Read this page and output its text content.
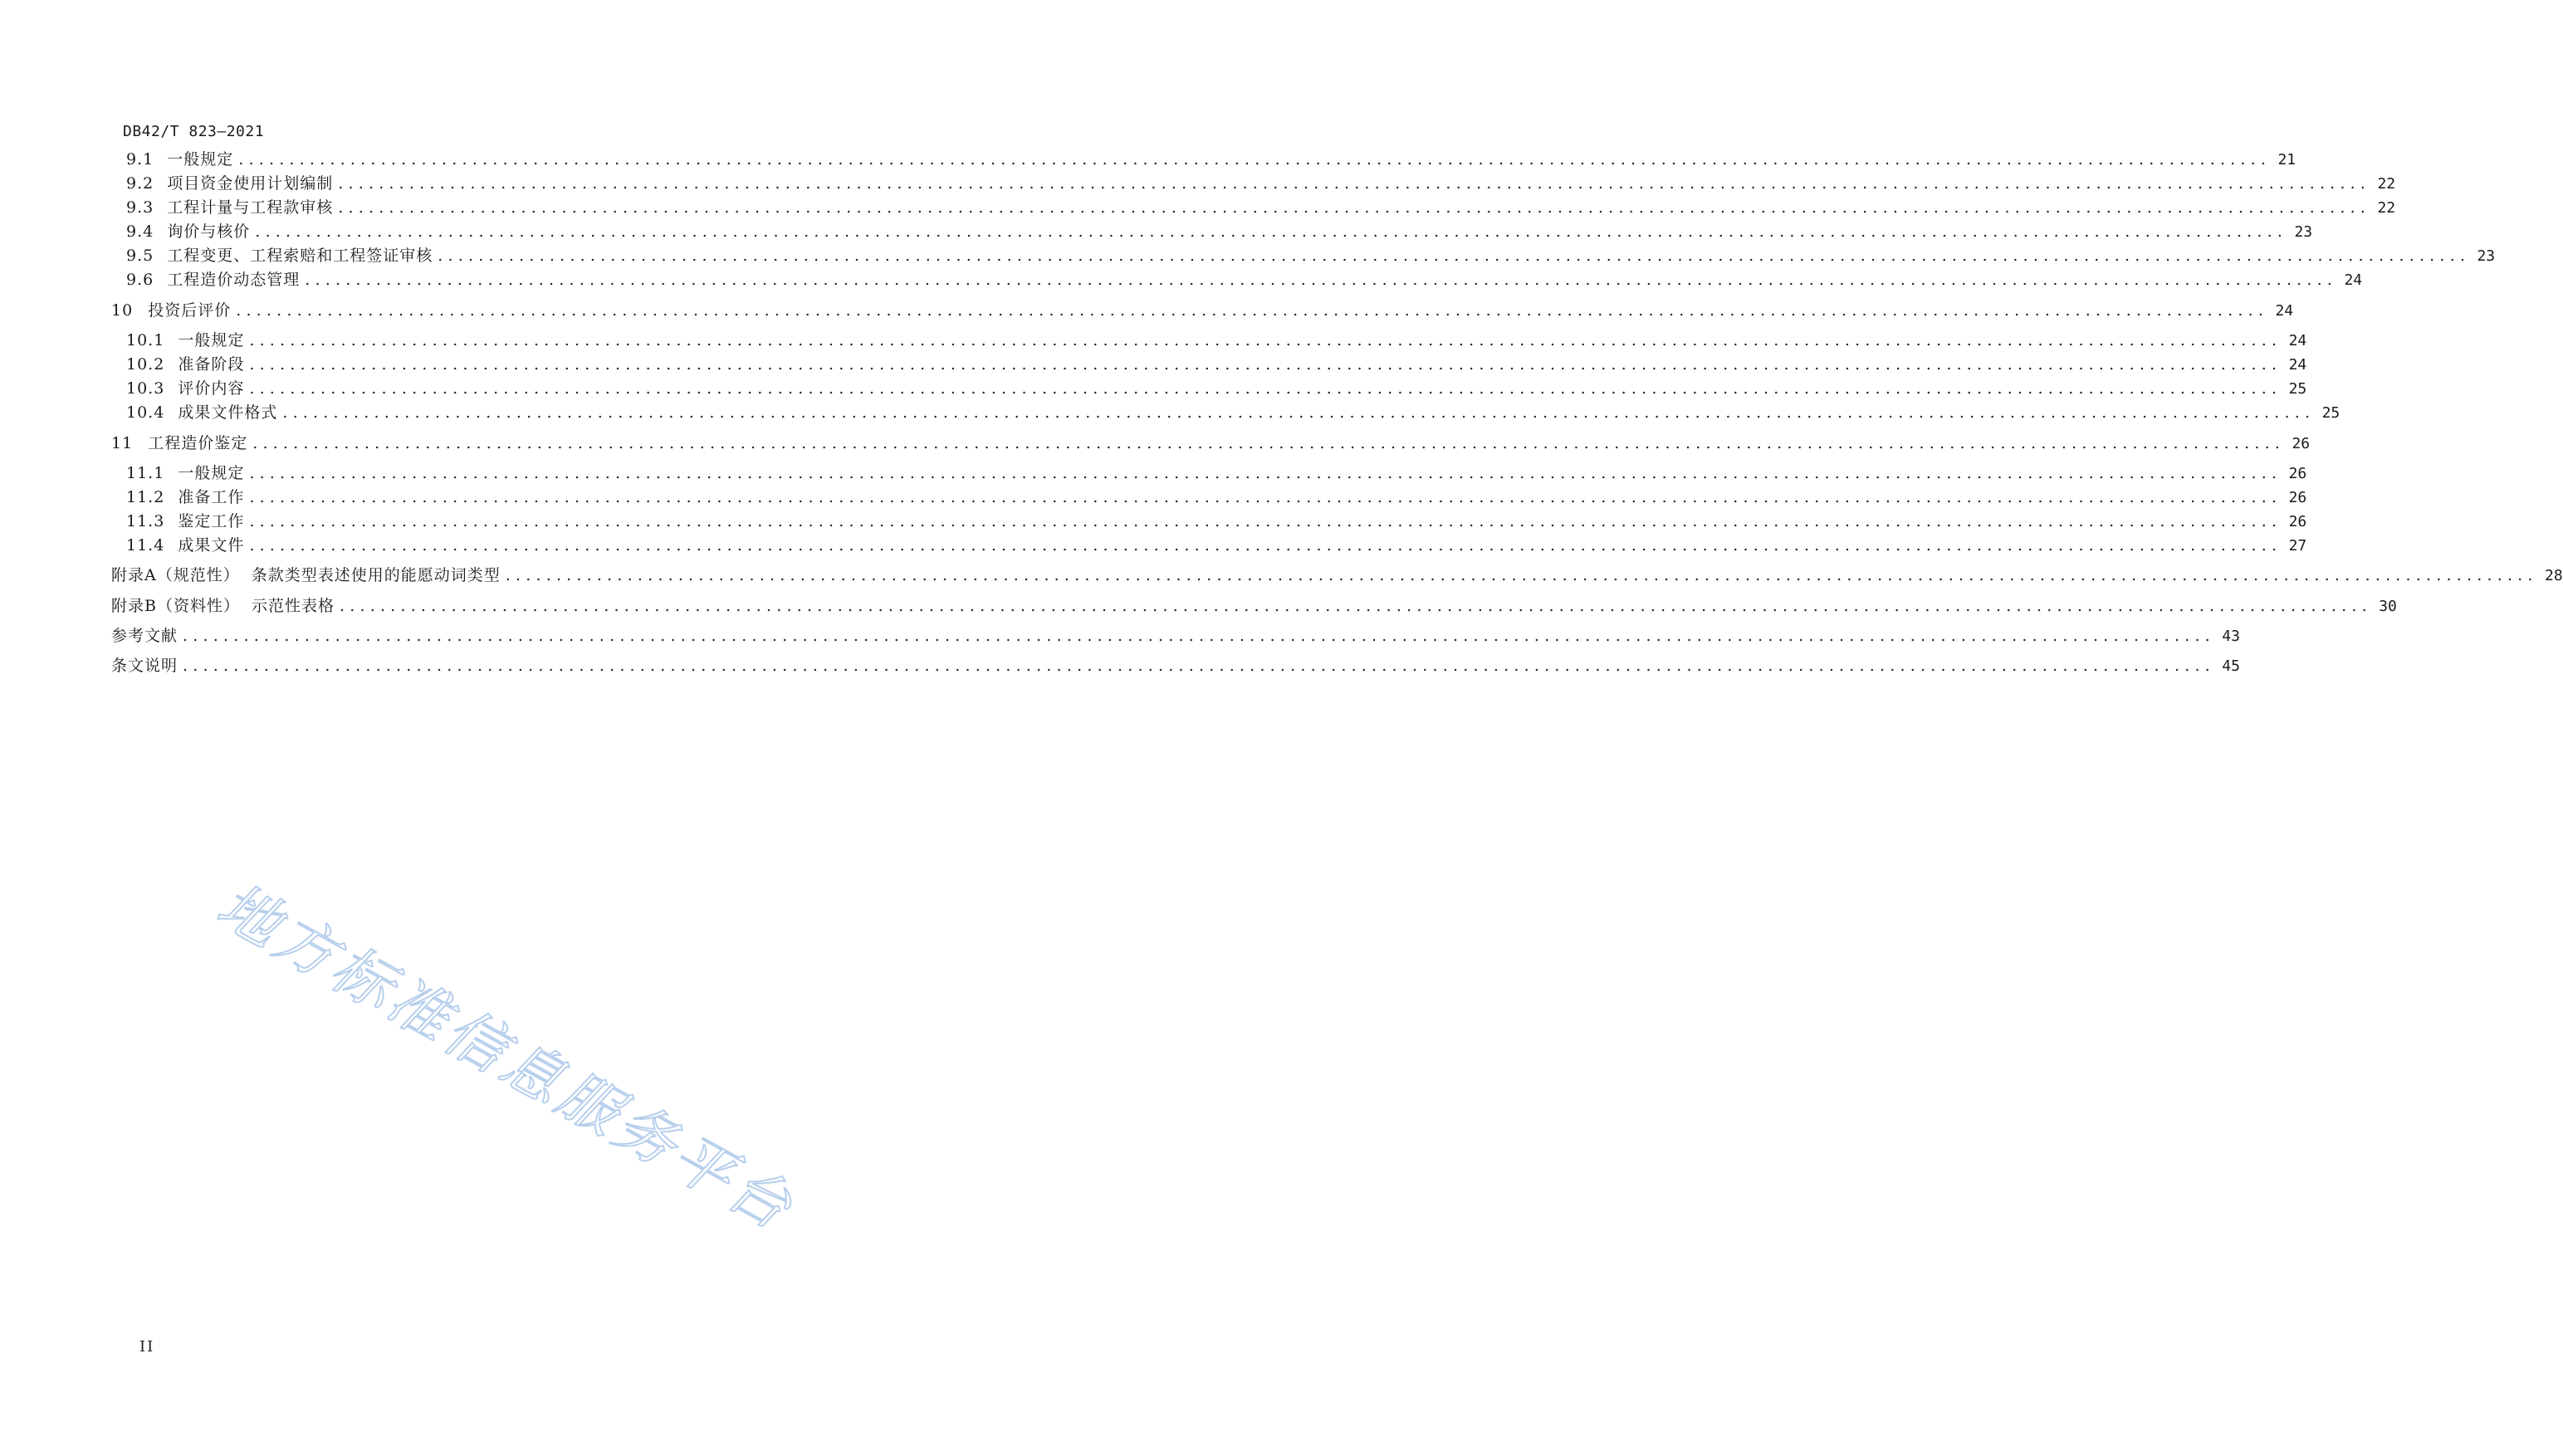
DB42/T 823—2021
9.1 一般规定 ........................................................................................................................................................................................................ 21
9.2 项目资金使用计划编制 ........................................................................................................................................................................................................ 22
9.3 工程计量与工程款审核 ........................................................................................................................................................................................................ 22
9.4 询价与核价 ........................................................................................................................................................................................................ 23
9.5 工程变更、工程索赔和工程签证审核 ........................................................................................................................................................................................................ 23
9.6 工程造价动态管理 ........................................................................................................................................................................................................ 24
10 投资后评价 ........................................................................................................................................................................................................ 24
10.1 一般规定 ........................................................................................................................................................................................................ 24
10.2 准备阶段 ........................................................................................................................................................................................................ 24
10.3 评价内容 ........................................................................................................................................................................................................ 25
10.4 成果文件格式 ........................................................................................................................................................................................................ 25
11 工程造价鉴定 ........................................................................................................................................................................................................ 26
11.1 一般规定 ........................................................................................................................................................................................................ 26
11.2 准备工作 ........................................................................................................................................................................................................ 26
11.3 鉴定工作 ........................................................................................................................................................................................................ 26
11.4 成果文件 ........................................................................................................................................................................................................ 27
附录A（规范性） 条款类型表述使用的能愿动词类型 ........................................................................................................................................................................................................ 28
附录B（资料性） 示范性表格 ........................................................................................................................................................................................................ 30
参考文献 ........................................................................................................................................................................................................ 43
条文说明 ........................................................................................................................................................................................................ 45
地方标准信息服务平台
II
